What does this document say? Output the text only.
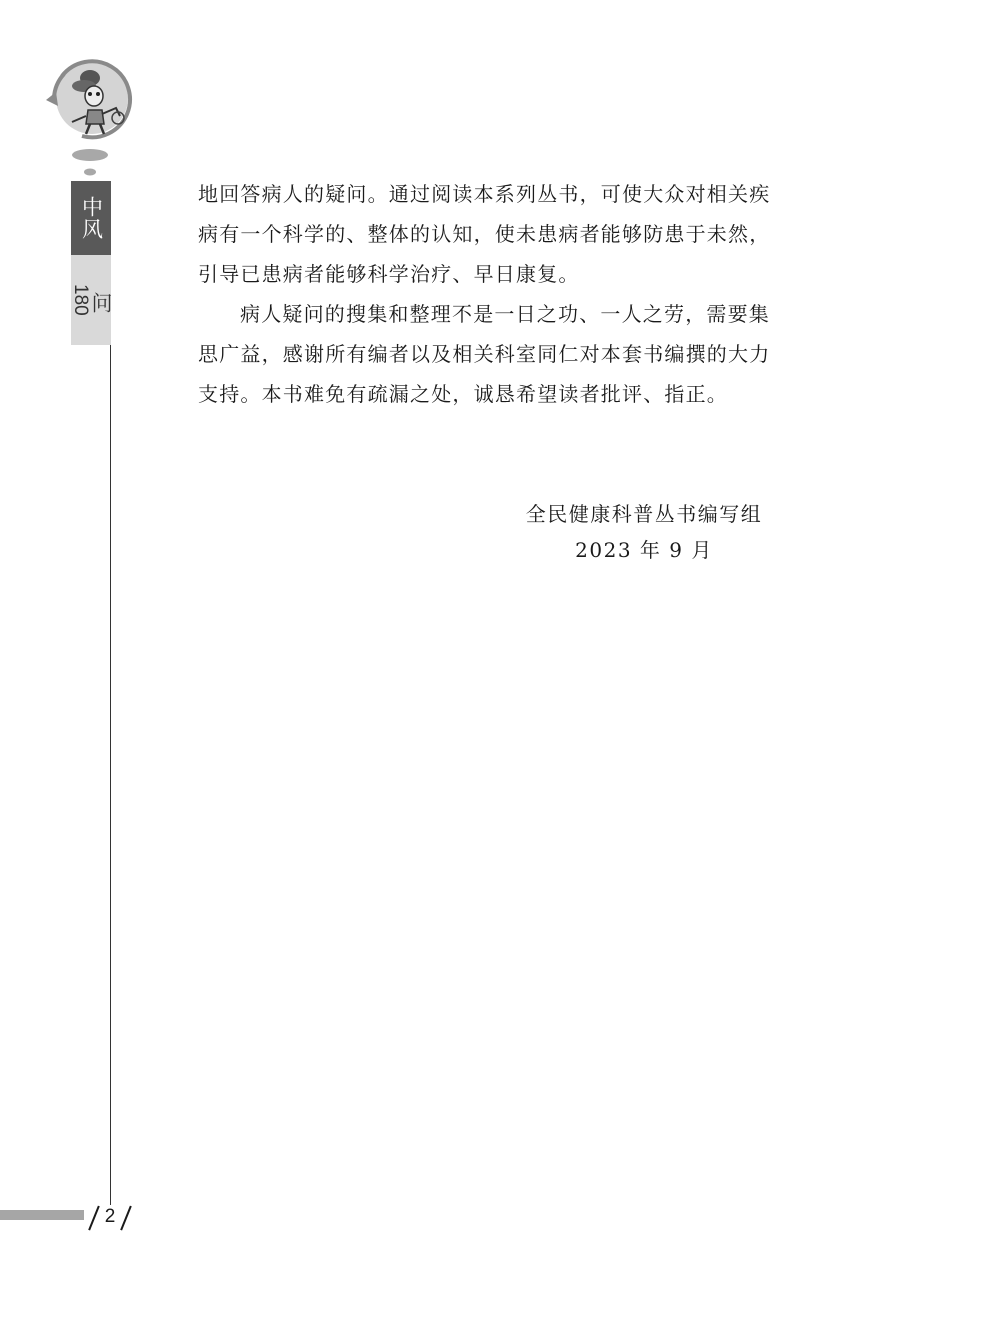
中风
180
问

地回答病人的疑问。通过阅读本系列丛书，可使大众对相关疾

病有一个科学的、整体的认知，使未患病者能够防患于未然，

引导已患病者能够科学治疗、早日康复。

病人疑问的搜集和整理不是一日之功、一人之劳，需要集

思广益，感谢所有编者以及相关科室同仁对本套书编撰的大力

支持。本书难免有疏漏之处，诚恳希望读者批评、指正。

全民健康科普丛书编写组
2023 年 9 月
2
